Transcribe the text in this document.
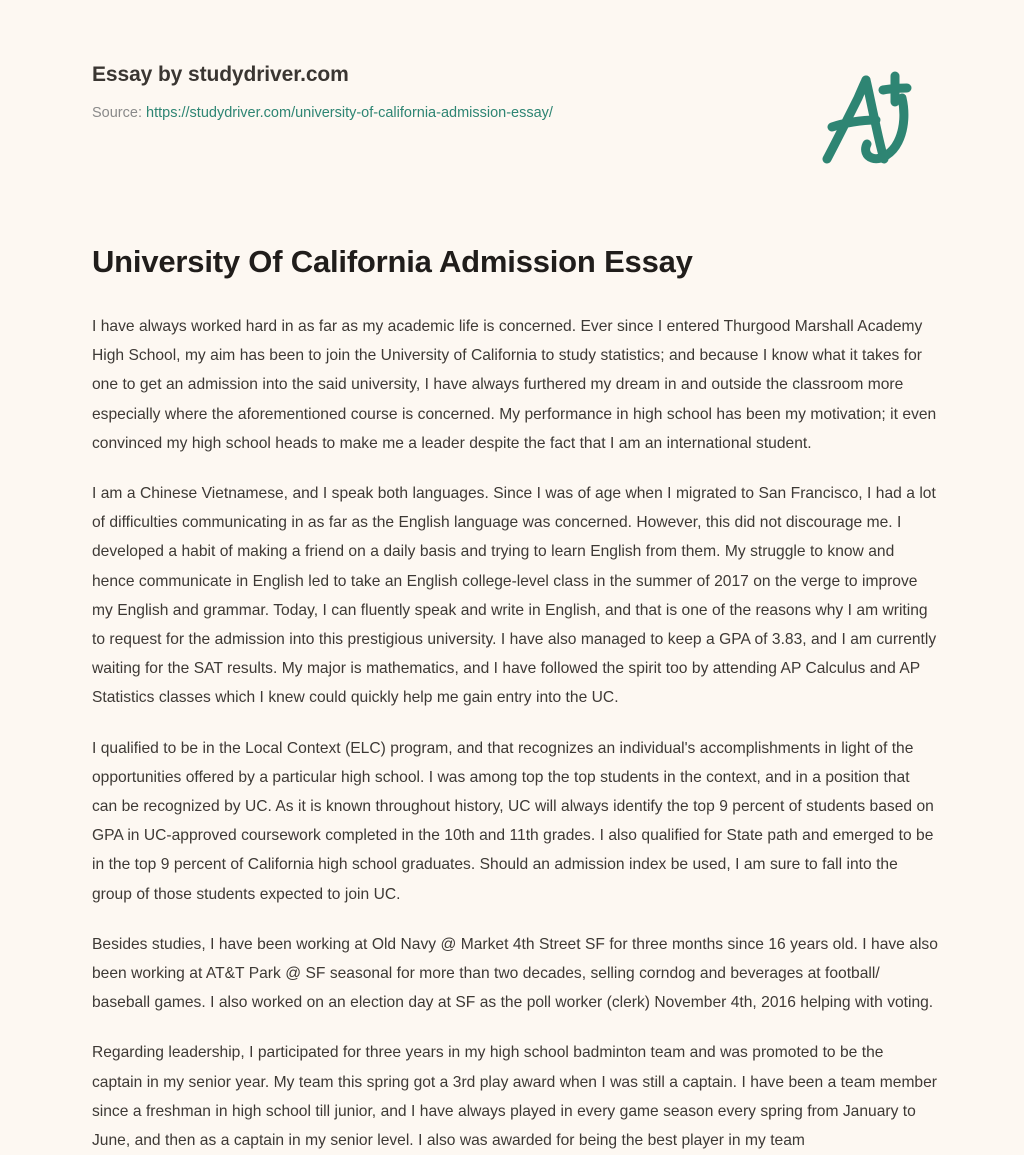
Essay by studydriver.com

Source: https://studydriver.com/university-of-california-admission-essay/

University Of California Admission Essay

I have always worked hard in as far as my academic life is concerned. Ever since I entered Thurgood Marshall Academy High School, my aim has been to join the University of California to study statistics; and because I know what it takes for one to get an admission into the said university, I have always furthered my dream in and outside the classroom more especially where the aforementioned course is concerned. My performance in high school has been my motivation; it even convinced my high school heads to make me a leader despite the fact that I am an international student.

I am a Chinese Vietnamese, and I speak both languages. Since I was of age when I migrated to San Francisco, I had a lot of difficulties communicating in as far as the English language was concerned. However, this did not discourage me. I developed a habit of making a friend on a daily basis and trying to learn English from them. My struggle to know and hence communicate in English led to take an English college-level class in the summer of 2017 on the verge to improve my English and grammar. Today, I can fluently speak and write in English, and that is one of the reasons why I am writing to request for the admission into this prestigious university. I have also managed to keep a GPA of 3.83, and I am currently waiting for the SAT results. My major is mathematics, and I have followed the spirit too by attending AP Calculus and AP Statistics classes which I knew could quickly help me gain entry into the UC.

I qualified to be in the Local Context (ELC) program, and that recognizes an individual's accomplishments in light of the opportunities offered by a particular high school. I was among top the top students in the context, and in a position that can be recognized by UC. As it is known throughout history, UC will always identify the top 9 percent of students based on GPA in UC-approved coursework completed in the 10th and 11th grades. I also qualified for State path and emerged to be in the top 9 percent of California high school graduates. Should an admission index be used, I am sure to fall into the group of those students expected to join UC.

Besides studies, I have been working at Old Navy @ Market 4th Street SF for three months since 16 years old. I have also been working at AT&T Park @ SF seasonal for more than two decades, selling corndog and beverages at football/ baseball games. I also worked on an election day at SF as the poll worker (clerk) November 4th, 2016 helping with voting.

Regarding leadership, I participated for three years in my high school badminton team and was promoted to be the captain in my senior year. My team this spring got a 3rd play award when I was still a captain. I have been a team member since a freshman in high school till junior, and I have always played in every game season every spring from January to June, and then as a captain in my senior level. I also was awarded for being the best player in my team
